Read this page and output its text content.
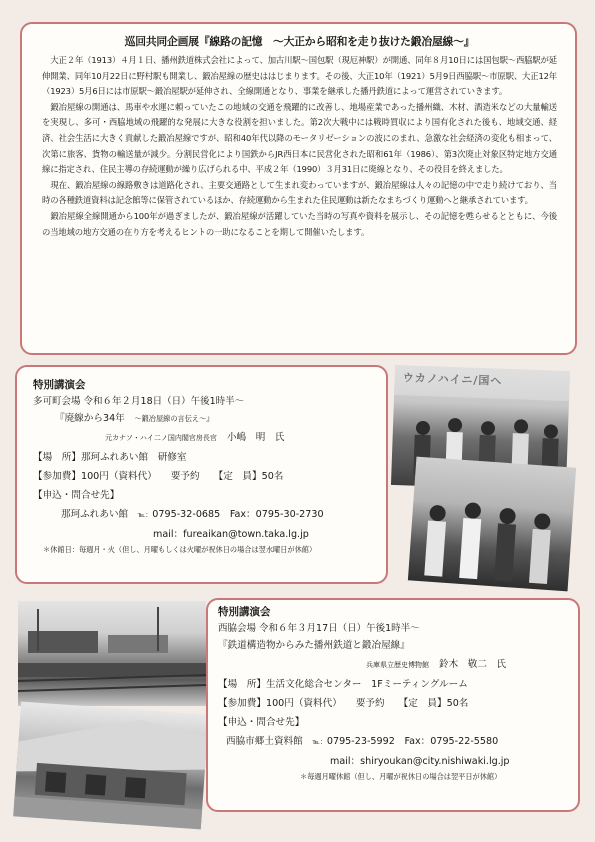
巡回共同企画展『線路の記憶　～大正から昭和を走り抜けた鍛冶屋線～』

大正２年（1913）４月１日、播州鉄道株式会社によって、加古川駅～国包駅（現厄神駅）が開通、同年８月10日には国包駅～西脇駅が延伸開業、同年10月22日に野村駅も開業し、鍛冶屋線の歴史ははじまります。その後、大正10年（1921）5月9日西脇駅～市原駅、大正12年（1923）5月6日には市原駅～鍛冶屋駅が延伸され、全線開通となり、事業を継承した播丹鉄道によって運営されていきます。

鍛冶屋線の開通は、馬車や水運に頼っていたこの地域の交通を飛躍的に改善し、地場産業であった播州織、木材、酒造米などの大量輸送を実現し、多可・西脇地域の飛躍的な発展に大きな役割を担いました。第2次大戦中には戦時買収により国有化された後も、地域交通、経済、社会生活に大きく貢献した鍛冶屋線ですが、昭和40年代以降のモータリゼーションの波にのまれ、急激な社会経済の変化も相まって、次第に旅客、貨物の輸送量が減少。分割民営化により国鉄からJR西日本に民営化された昭和61年（1986）、第3次廃止対象区特定地方交通線に指定され、住民主導の存続運動が繰り広げられる中、平成２年（1990）３月31日に廃線となり、その役目を終えました。

現在、鍛冶屋線の線路敷きは道路化され、主要交通路として生まれ変わっていますが、鍛冶屋線は人々の記憶の中で走り続けており、当時の各種鉄道資料は記念館等に保管されているほか、存続運動から生まれた住民運動は新たなまちづくり運動へと継承されています。

鍛冶屋線全線開通から100年が過ぎましたが、鍛冶屋線が活躍していた当時の写真や資料を展示し、その記憶を甦らせるとともに、今後の当地域の地方交通の在り方を考えるヒントの一助になることを期して開催いたします。

ウカノハイニ/国へ
特別講演会
多可町会場 令和６年２月18日（日）午後1時半～
『廃線から34年　 ～鍛冶屋線の言伝え～』
元カナソ・ハイ二ノ国内閣官房長官 小嶋　明　氏
【場　所】那珂ふれあい館　研修室
【参加費】100円（資料代） 要予約 【定　員】50名
【申込・問合せ先】
那珂ふれあい館　 ℡：0795-32-0685　 Fax：0795-30-2730
mail：fureaikan@town.taka.lg.jp
＊休館日：毎週月・火（但し、月曜もしくは火曜が祝休日の場合は翌水曜日が休館）
特別講演会
西脇会場 令和６年３月17日（日）午後1時半～
『鉄道構造物からみた播州鉄道と鍛冶屋線』
兵庫県立歴史博物館 鈴木　敬二　氏
【場　所】生活文化総合センター　1Fミーティングルーム
【参加費】100円（資料代） 要予約 【定　員】50名
【申込・問合せ先】
西脇市郷土資料館　 ℡：0795-23-5992　 Fax：0795-22-5580
mail：shiryoukan@city.nishiwaki.lg.jp
＊毎週月曜休館（但し、月曜が祝休日の場合は翌平日が休館）
